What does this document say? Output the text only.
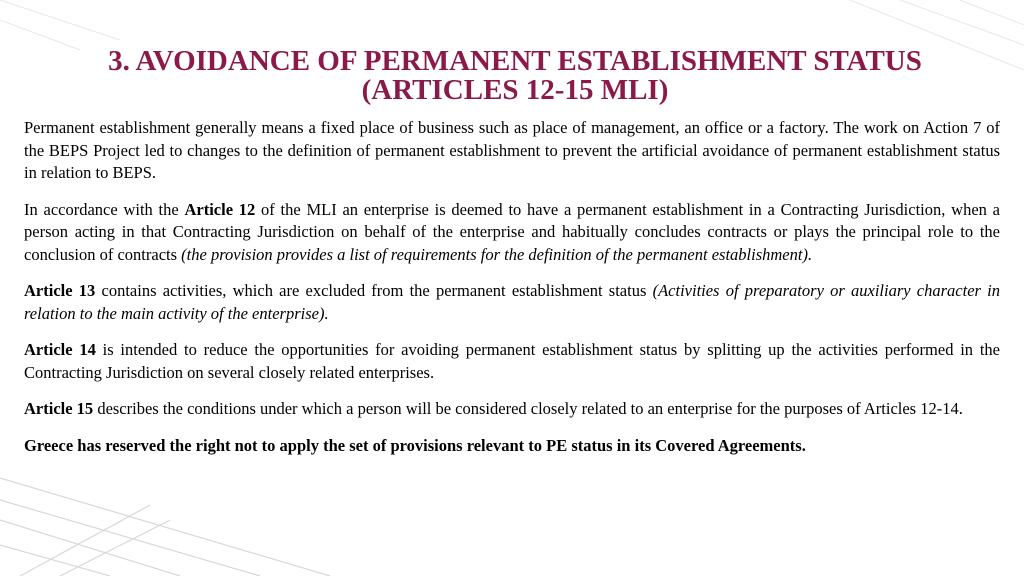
3. AVOIDANCE OF PERMANENT ESTABLISHMENT STATUS
(ARTICLES 12-15 MLI)

Permanent establishment generally means a fixed place of business such as place of management, an office or a factory. The work on Action 7 of the BEPS Project led to changes to the definition of permanent establishment to prevent the artificial avoidance of permanent establishment status in relation to BEPS.

In accordance with the Article 12 of the MLI an enterprise is deemed to have a permanent establishment in a Contracting Jurisdiction, when a person acting in that Contracting Jurisdiction on behalf of the enterprise and habitually concludes contracts or plays the principal role to the conclusion of contracts (the provision provides a list of requirements for the definition of the permanent establishment).

Article 13 contains activities, which are excluded from the permanent establishment status (Activities of preparatory or auxiliary character in relation to the main activity of the enterprise).

Article 14 is intended to reduce the opportunities for avoiding permanent establishment status by splitting up the activities performed in the Contracting Jurisdiction on several closely related enterprises.

Article 15 describes the conditions under which a person will be considered closely related to an enterprise for the purposes of Articles 12-14.

Greece has reserved the right not to apply the set of provisions relevant to PE status in its Covered Agreements.
